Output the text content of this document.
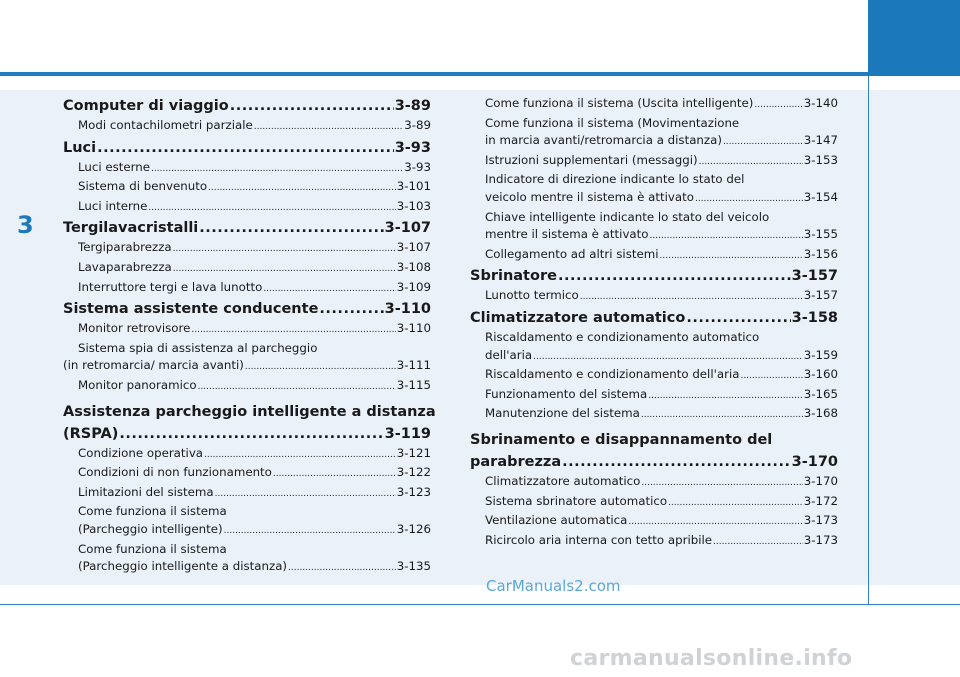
3
Computer di viaggio .....	3-89
Modi contachilometri parziale .....	3-89
Luci .....	3-93
Luci esterne .....	3-93
Sistema di benvenuto .....	3-101
Luci interne .....	3-103
Tergilavacristalli .....	3-107
Tergiparabrezza .....	3-107
Lavaparabrezza .....	3-108
Interruttore tergi e lava lunotto .....	3-109
Sistema assistente conducente .....	3-110
Monitor retrovisore .....	3-110
Sistema spia di assistenza al parcheggio
(in retromarcia/ marcia avanti) .....	3-111
Monitor panoramico .....	3-115
Assistenza parcheggio intelligente a distanza
(RSPA) .....	3-119
Condizione operativa .....	3-121
Condizioni di non funzionamento .....	3-122
Limitazioni del sistema .....	3-123
Come funziona il sistema
(Parcheggio intelligente) .....	3-126
Come funziona il sistema
(Parcheggio intelligente a distanza) .....	3-135
Come funziona il sistema (Uscita intelligente) .....	3-140
Come funziona il sistema (Movimentazione
in marcia avanti/retromarcia a distanza) .....	3-147
Istruzioni supplementari (messaggi) .....	3-153
Indicatore di direzione indicante lo stato del
veicolo mentre il sistema è attivato .....	3-154
Chiave intelligente indicante lo stato del veicolo
mentre il sistema è attivato .....	3-155
Collegamento ad altri sistemi .....	3-156
Sbrinatore .....	3-157
Lunotto termico .....	3-157
Climatizzatore automatico .....	3-158
Riscaldamento e condizionamento automatico
dell'aria .....	3-159
Riscaldamento e condizionamento dell'aria .....	3-160
Funzionamento del sistema .....	3-165
Manutenzione del sistema .....	3-168
Sbrinamento e disappannamento del
parabrezza .....	3-170
Climatizzatore automatico .....	3-170
Sistema sbrinatore automatico .....	3-172
Ventilazione automatica .....	3-173
Ricircolo aria interna con tetto apribile .....	3-173
CarManuals2.com
carmanualsonline.info
